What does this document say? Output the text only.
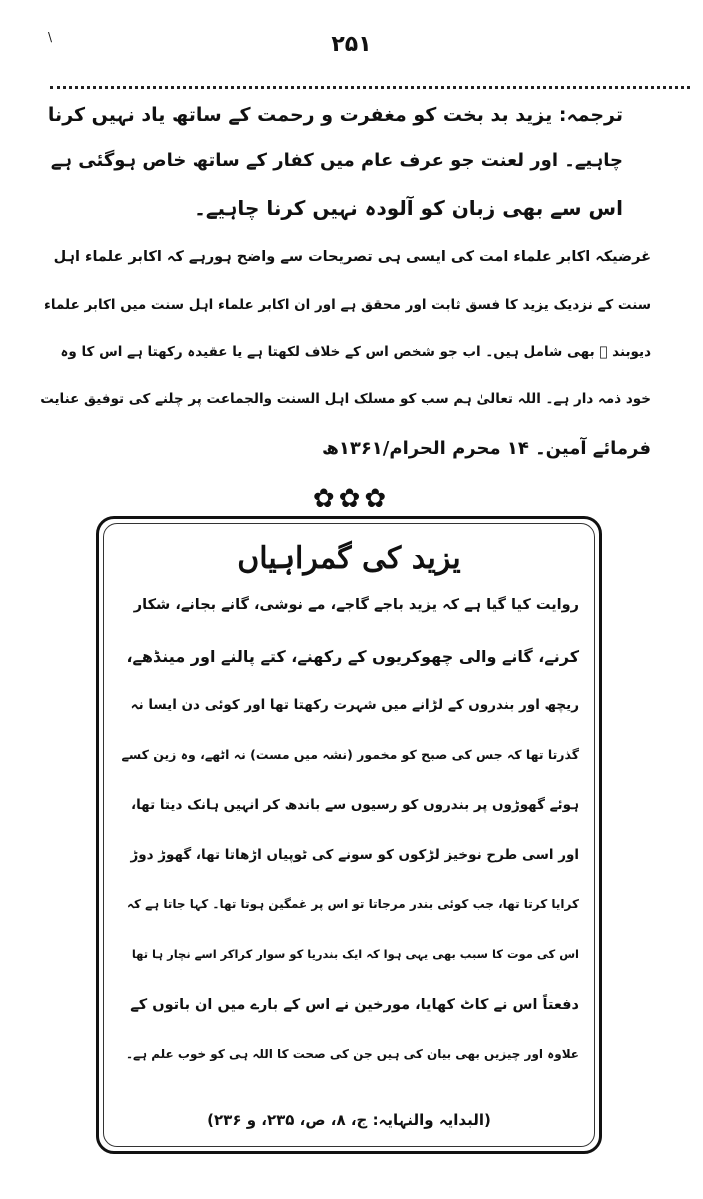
\	۲۵۱
ترجمہ: یزید بد بخت کو مغفرت و رحمت کے ساتھ یاد نہیں کرنا
چاہیے۔ اور لعنت جو عرف عام میں کفار کے ساتھ خاص ہوگئی ہے
اس سے بھی زبان کو آلودہ نہیں کرنا چاہیے۔
غرضیکہ اکابر علماء امت کی ایسی ہی تصریحات سے واضح ہورہے کہ اکابر علماء اہل
سنت کے نزدیک یزید کا فسق ثابت اور محقق ہے اور ان اکابر علماء اہل سنت میں اکابر علماء
دیوبند ﷭ بھی شامل ہیں۔ اب جو شخص اس کے خلاف لکھتا ہے یا عقیدہ رکھتا ہے اس کا وہ
خود ذمہ دار ہے۔ اللہ تعالیٰ ہم سب کو مسلک اہل السنت والجماعت پر چلنے کی توفیق عنایت
فرمائے آمین۔ ۱۴ محرم الحرام/۱۳۶۱ھ
✿✿✿
یزید کی گمراہیاں
روایت کیا گیا ہے کہ یزید باجے گاجے، مے نوشی، گانے بجانے، شکار
کرنے، گانے والی چھوکریوں کے رکھنے، کتے پالنے اور مینڈھے،
ریچھ اور بندروں کے لڑانے میں شہرت رکھتا تھا اور کوئی دن ایسا نہ
گذرتا تھا کہ جس کی صبح کو مخمور (نشہ میں مست) نہ اٹھے، وہ زین کسے
ہوئے گھوڑوں پر بندروں کو رسیوں سے باندھ کر انہیں ہانک دیتا تھا،
اور اسی طرح نوخیز لڑکوں کو سونے کی ٹوپیاں اڑھاتا تھا، گھوڑ دوڑ
کرایا کرتا تھا، جب کوئی بندر مرجاتا تو اس پر غمگین ہوتا تھا۔ کہا جاتا ہے کہ
اس کی موت کا سبب بھی یہی ہوا کہ ایک بندریا کو سوار کراکر اسے نچار ہا تھا
دفعتاً اس نے کاٹ کھایا، مورخین نے اس کے بارے میں ان باتوں کے
علاوہ اور چیزیں بھی بیان کی ہیں جن کی صحت کا اللہ ہی کو خوب علم ہے۔
(البدایہ والنہایہ: ج، ۸، ص، ۲۳۵، و ۲۳۶)
